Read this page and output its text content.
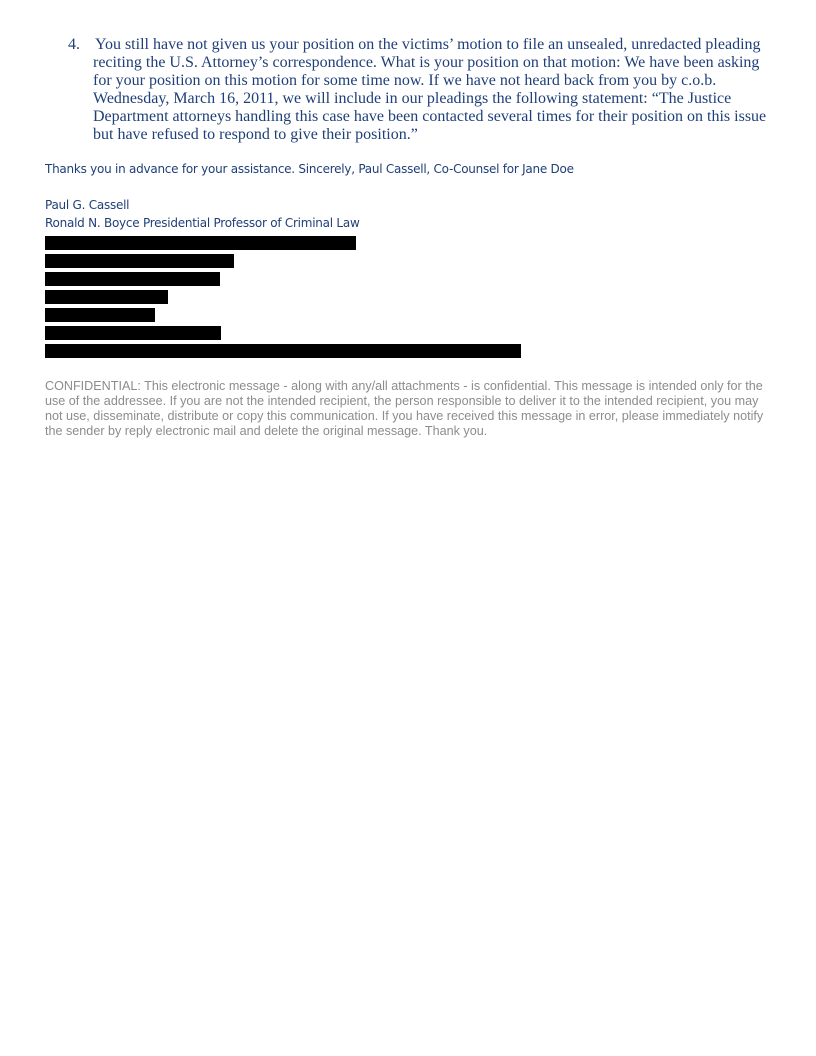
4. You still have not given us your position on the victims’ motion to file an unsealed, unredacted pleading reciting the U.S. Attorney’s correspondence. What is your position on that motion: We have been asking for your position on this motion for some time now. If we have not heard back from you by c.o.b. Wednesday, March 16, 2011, we will include in our pleadings the following statement: “The Justice Department attorneys handling this case have been contacted several times for their position on this issue but have refused to respond to give their position.”
Thanks you in advance for your assistance. Sincerely, Paul Cassell, Co-Counsel for Jane Doe
Paul G. Cassell
Ronald N. Boyce Presidential Professor of Criminal Law
CONFIDENTIAL: This electronic message - along with any/all attachments - is confidential. This message is intended only for the use of the addressee. If you are not the intended recipient, the person responsible to deliver it to the intended recipient, you may not use, disseminate, distribute or copy this communication. If you have received this message in error, please immediately notify the sender by reply electronic mail and delete the original message. Thank you.
